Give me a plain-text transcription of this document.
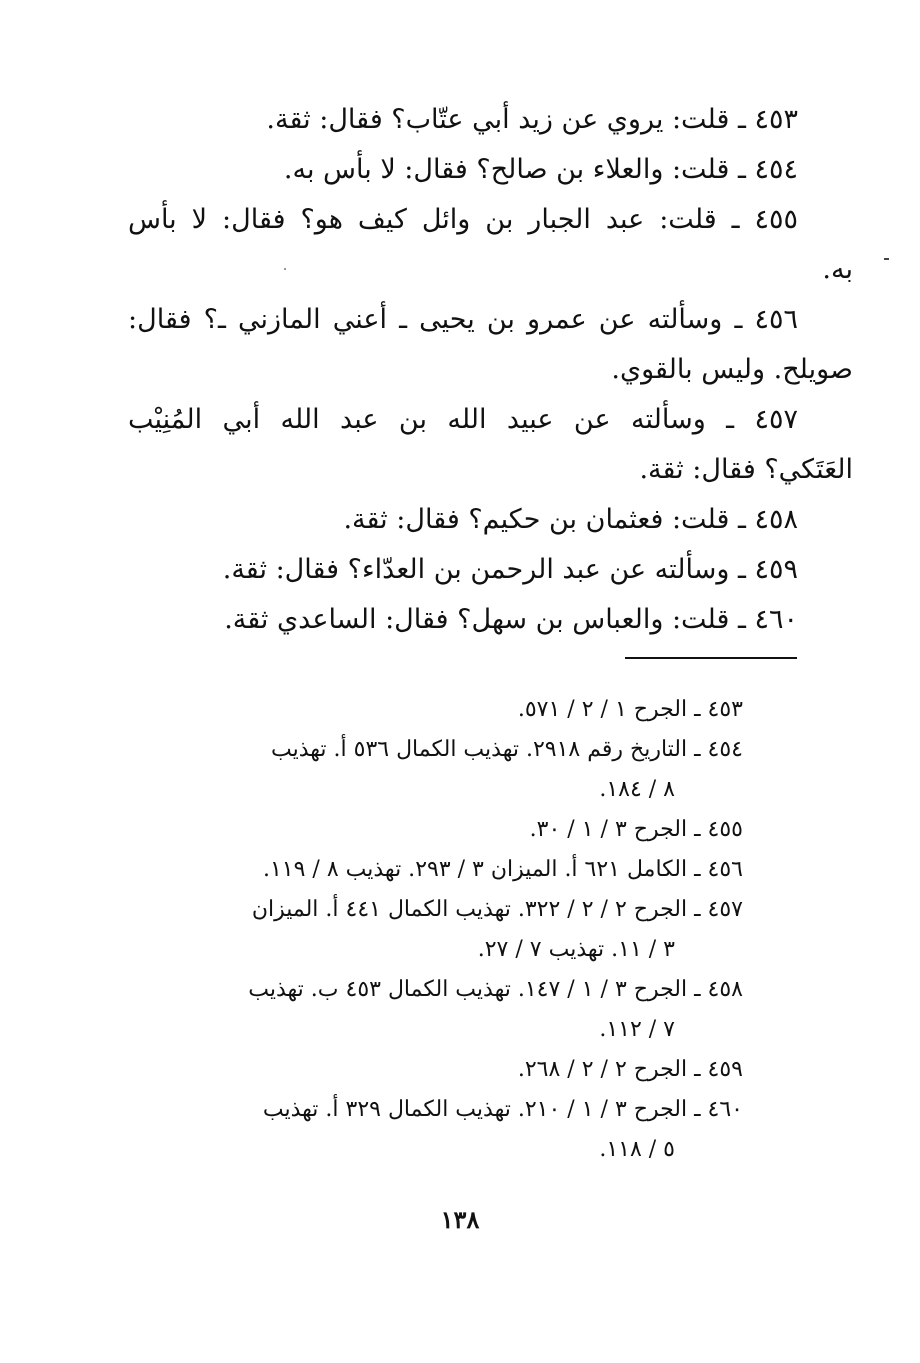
٤٥٣ ـ قلت: يروي عن زيد أبي عتّاب؟ فقال: ثقة.
٤٥٤ ـ قلت: والعلاء بن صالح؟ فقال: لا بأس به.
٤٥٥ ـ قلت: عبد الجبار بن وائل كيف هو؟ فقال: لا بأس
به.
٤٥٦ ـ وسألته عن عمرو بن يحيى ـ أعني المازني ـ؟ فقال:
صويلح. وليس بالقوي.
٤٥٧ ـ وسألته عن عبيد الله بن عبد الله أبي المُنِيْب
العَتَكي؟ فقال: ثقة.
٤٥٨ ـ قلت: فعثمان بن حكيم؟ فقال: ثقة.
٤٥٩ ـ وسألته عن عبد الرحمن بن العدّاء؟ فقال: ثقة.
٤٦٠ ـ قلت: والعباس بن سهل؟ فقال: الساعدي ثقة.
٤٥٣ ـ الجرح ١ / ٢ / ٥٧١.
٤٥٤ ـ التاريخ رقم ٢٩١٨. تهذيب الكمال ٥٣٦ أ. تهذيب
٨ / ١٨٤.
٤٥٥ ـ الجرح ٣ / ١ / ٣٠.
٤٥٦ ـ الكامل ٦٢١ أ. الميزان ٣ / ٢٩٣. تهذيب ٨ / ١١٩.
٤٥٧ ـ الجرح ٢ / ٢ / ٣٢٢. تهذيب الكمال ٤٤١ أ. الميزان
٣ / ١١. تهذيب ٧ / ٢٧.
٤٥٨ ـ الجرح ٣ / ١ / ١٤٧. تهذيب الكمال ٤٥٣ ب. تهذيب
٧ / ١١٢.
٤٥٩ ـ الجرح ٢ / ٢ / ٢٦٨.
٤٦٠ ـ الجرح ٣ / ١ / ٢١٠. تهذيب الكمال ٣٢٩ أ. تهذيب
٥ / ١١٨.
١٣٨
